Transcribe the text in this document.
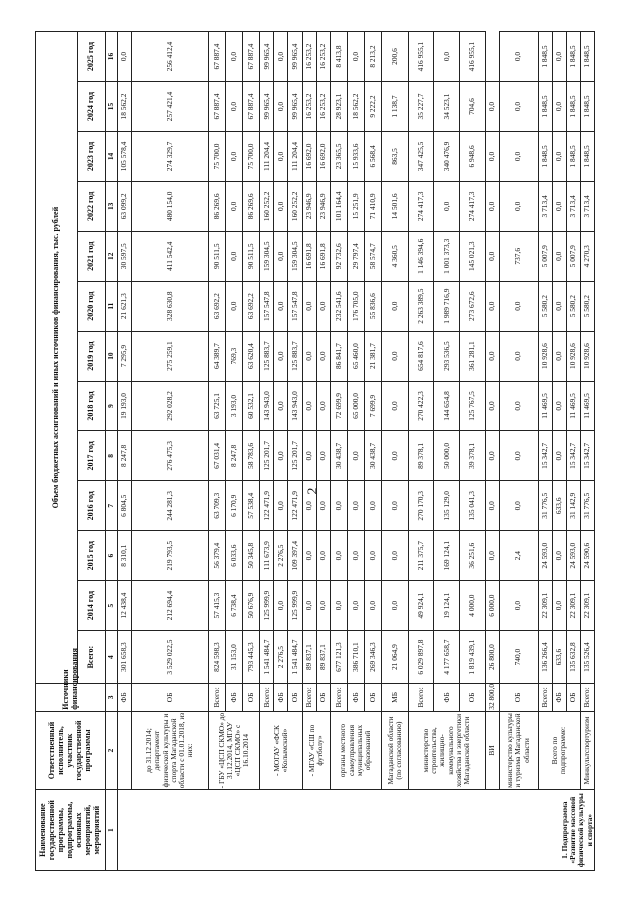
2
Наименование государственной программы, подпрограммы, основных мероприятий, мероприятий	Ответственный исполнитель, участник государственной программы	Источники финансирования	Объем бюджетных ассигнований и иных источников финансирования, тыс. рублей												
			Всего:	2014 год	2015 год	2016 год	2017 год	2018 год	2019 год	2020 год	2021 год	2022 год	2023 год	2024 год	2025 год
1	2	3	4	5	6	7	8	9	10	11	12	13	14	15	16
1. Подпрограмма «Развитие массовой физической культуры и спорта»		ФБ	301 658,3	12 438,4	8 310,1	6 804,5	8 247,8	19 193,0	7 295,9	21 621,3	30 597,5	63 099,2	105 578,4	18 562,2	0,0
	до 31.12.2014; департамент физической культуры и спорта Магаданской области с 01.01.2018, из них:	ОБ	3 529 022,5	212 694,4	219 793,5	244 281,3	276 475,3	292 028,2	275 259,1	328 630,8	411 542,4	480 154,0	274 329,7	257 421,4	256 412,4
	- ГБУ «ЦСП СКМО» до 31.12.2014, МГАУ «ЦСП СКМО» с 16.10.2014	Всего:	824 598,3	57 415,3	56 379,4	63 709,3	67 031,4	63 725,1	64 389,7	63 692,2	90 511,5	86 269,6	75 700,0	67 887,4	67 887,4
		ФБ	31 153,0	6 738,4	6 033,6	6 170,9	8 247,8	3 193,0	769,3	0,0	0,0	0,0	0,0	0,0	0,0
		ОБ	793 445,3	50 676,9	50 345,8	57 538,4	58 783,6	60 532,1	63 620,4	63 692,2	90 511,5	86 269,6	75 700,0	67 887,4	67 887,4
	- МОГАУ «ФСК «Колымский»	Всего:	1 541 484,7	125 999,9	111 673,9	122 471,9	125 201,7	143 943,0	125 883,7	157 547,8	159 304,5	160 252,2	111 204,4	99 965,4	99 965,4
		ФБ	2 276,5	0,0	2 276,5	0,0	0,0	0,0	0,0	0,0	0,0	0,0	0,0	0,0	0,0
		ОБ	1 541 484,7	125 999,9	109 397,4	122 471,9	125 201,7	143 943,0	125 883,7	157 547,8	159 304,5	160 252,2	111 204,4	99 965,4	99 965,4
	- МГАУ «СШ по футболу»	Всего:	89 837,1	0,0	0,0	0,0	0,0	0,0	0,0	0,0	16 691,8	23 946,9	16 692,0	16 253,2	16 253,2
		ОБ	89 837,1	0,0	0,0	0,0	0,0	0,0	0,0	0,0	16 691,8	23 946,9	16 692,0	16 253,2	16 253,2
	органы местного самоуправления муниципальных образований	Всего:	677 121,3	0,0	0,0	0,0	30 438,7	72 699,9	86 841,7	232 541,6	92 732,6	101 164,4	23 365,5	28 923,1	8 413,8
		ФБ	386 710,1	0,0	0,0	0,0	0,0	65 000,0	65 460,0	176 705,0	29 797,4	15 251,9	15 933,6	18 562,2	0,0
		ОБ	269 346,3	0,0	0,0	0,0	30 438,7	7 699,9	21 381,7	55 836,6	58 574,7	71 410,9	6 568,4	9 222,2	8 213,2
	Магаданской области (по согласованию)	МБ	21 064,9	0,0	0,0	0,0	0,0	0,0	0,0	0,0	4 360,5	14 501,6	863,5	1 138,7	200,6
	министерство строительства, жилищно-коммунального хозяйства и энергетики Магаданской области	Всего:	6 029 897,8	49 924,1	211 375,7	270 170,3	89 378,1	270 422,3	654 817,6	2 263 389,5	1 146 394,6	274 417,3	347 425,5	35 227,7	416 955,1
		ФБ	4 177 658,7	19 124,1	169 124,1	135 129,0	50 000,0	144 654,8	293 536,5	1 989 716,9	1 001 373,3	0,0	340 476,9	34 523,1	0,0
		ОБ	1 819 439,1	4 000,0	36 251,6	135 041,3	39 378,1	125 767,5	361 281,1	273 672,6	145 021,3	274 417,3	6 948,6	704,6	416 955,1
	ВИ	32 800,0	26 800,0	6 000,0	0,0	0,0	0,0	0,0	0,0	0,0	0,0	0,0	0,0	0,0	
	министерство культуры и туризма Магаданской области	ОБ	740,0	0,0	2,4	0,0	0,0	0,0	0,0	0,0	737,6	0,0	0,0	0,0	0,0
	Всего по подпрограмме:	Всего:	136 266,4	22 309,1	24 593,0	31 776,5	15 342,7	11 469,5	10 928,6	5 580,2	5 007,9	3 713,4	1 848,5	1 848,5	1 848,5
		ФБ	633,6	0,0	0,0	633,6	0,0	0,0	0,0	0,0	0,0	0,0	0,0	0,0	0,0
		ОБ	135 632,8	22 309,1	24 593,0	31 142,9	15 342,7	11 469,5	10 928,6	5 580,2	5 007,9	3 713,4	1 848,5	1 848,5	1 848,5
	Минкультспортуризм	Всего:	135 526,4	22 309,1	24 590,6	31 776,5	15 342,7	11 469,5	10 928,6	5 580,2	4 270,3	3 713,4	1 848,5	1 848,5	1 848,5
